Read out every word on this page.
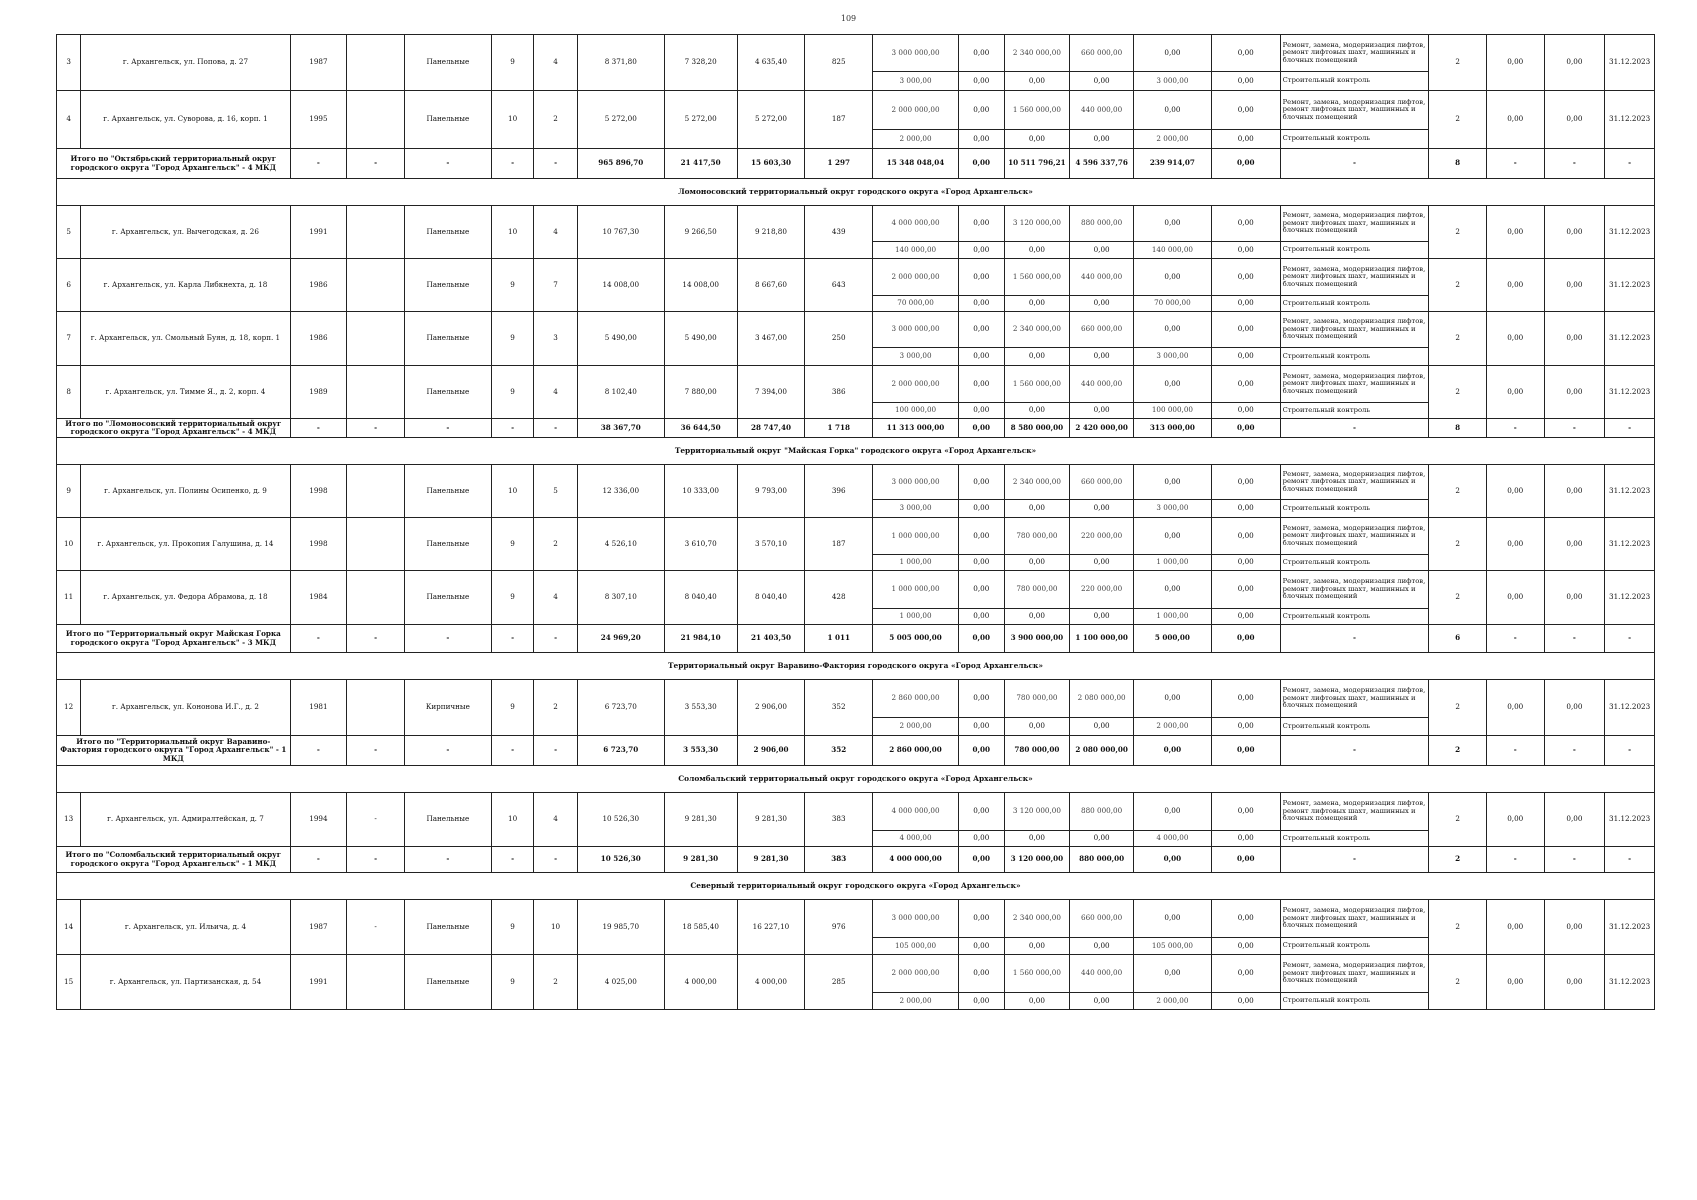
109
3	г. Архангельск, ул. Попова, д. 27	1987		Панельные	9	4	8 371,80	7 328,20	4 635,40	825	3 000 000,00	0,00	2 340 000,00	660 000,00	0,00	0,00	Ремонт, замена, модернизация лифтов, ремонт лифтовых шахт, машинных и блочных помещений	2	0,00	0,00	31.12.2023
											3 000,00	0,00	0,00	0,00	3 000,00	0,00	Строительный контроль				
4	г. Архангельск, ул. Суворова, д. 16, корп. 1	1995		Панельные	10	2	5 272,00	5 272,00	5 272,00	187	2 000 000,00	0,00	1 560 000,00	440 000,00	0,00	0,00	Ремонт, замена, модернизация лифтов, ремонт лифтовых шахт, машинных и блочных помещений	2	0,00	0,00	31.12.2023
											2 000,00	0,00	0,00	0,00	2 000,00	0,00	Строительный контроль				
Итого по "Октябрьский территориальный округ городского округа "Город Архангельск" - 4 МКД		-	-	-	-	-	965 896,70	21 417,50	15 603,30	1 297	15 348 048,04	0,00	10 511 796,21	4 596 337,76	239 914,07	0,00	-	8	-	-	-
Ломоносовский территориальный округ городского округа «Город Архангельск»																					
5	г. Архангельск, ул. Вычегодская, д. 26	1991		Панельные	10	4	10 767,30	9 266,50	9 218,80	439	4 000 000,00	0,00	3 120 000,00	880 000,00	0,00	0,00	Ремонт, замена, модернизация лифтов, ремонт лифтовых шахт, машинных и блочных помещений	2	0,00	0,00	31.12.2023
											140 000,00	0,00	0,00	0,00	140 000,00	0,00	Строительный контроль				
6	г. Архангельск, ул. Карла Либкнехта, д. 18	1986		Панельные	9	7	14 008,00	14 008,00	8 667,60	643	2 000 000,00	0,00	1 560 000,00	440 000,00	0,00	0,00	Ремонт, замена, модернизация лифтов, ремонт лифтовых шахт, машинных и блочных помещений	2	0,00	0,00	31.12.2023
											70 000,00	0,00	0,00	0,00	70 000,00	0,00	Строительный контроль				
7	г. Архангельск, ул. Смольный Буян, д. 18, корп. 1	1986		Панельные	9	3	5 490,00	5 490,00	3 467,00	250	3 000 000,00	0,00	2 340 000,00	660 000,00	0,00	0,00	Ремонт, замена, модернизация лифтов, ремонт лифтовых шахт, машинных и блочных помещений	2	0,00	0,00	31.12.2023
											3 000,00	0,00	0,00	0,00	3 000,00	0,00	Строительный контроль				
8	г. Архангельск, ул. Тимме Я., д. 2, корп. 4	1989		Панельные	9	4	8 102,40	7 880,00	7 394,00	386	2 000 000,00	0,00	1 560 000,00	440 000,00	0,00	0,00	Ремонт, замена, модернизация лифтов, ремонт лифтовых шахт, машинных и блочных помещений	2	0,00	0,00	31.12.2023
											100 000,00	0,00	0,00	0,00	100 000,00	0,00	Строительный контроль				
Итого по "Ломоносовский территориальный округ городского округа "Город Архангельск" - 4 МКД		-	-	-	-	-	38 367,70	36 644,50	28 747,40	1 718	11 313 000,00	0,00	8 580 000,00	2 420 000,00	313 000,00	0,00	-	8	-	-	-
Территориальный округ "Майская Горка" городского округа «Город Архангельск»																					
9	г. Архангельск, ул. Полины Осипенко, д. 9	1998		Панельные	10	5	12 336,00	10 333,00	9 793,00	396	3 000 000,00	0,00	2 340 000,00	660 000,00	0,00	0,00	Ремонт, замена, модернизация лифтов, ремонт лифтовых шахт, машинных и блочных помещений	2	0,00	0,00	31.12.2023
											3 000,00	0,00	0,00	0,00	3 000,00	0,00	Строительный контроль				
10	г. Архангельск, ул. Прокопия Галушина, д. 14	1998		Панельные	9	2	4 526,10	3 610,70	3 570,10	187	1 000 000,00	0,00	780 000,00	220 000,00	0,00	0,00	Ремонт, замена, модернизация лифтов, ремонт лифтовых шахт, машинных и блочных помещений	2	0,00	0,00	31.12.2023
											1 000,00	0,00	0,00	0,00	1 000,00	0,00	Строительный контроль				
11	г. Архангельск, ул. Федора Абрамова, д. 18	1984		Панельные	9	4	8 307,10	8 040,40	8 040,40	428	1 000 000,00	0,00	780 000,00	220 000,00	0,00	0,00	Ремонт, замена, модернизация лифтов, ремонт лифтовых шахт, машинных и блочных помещений	2	0,00	0,00	31.12.2023
											1 000,00	0,00	0,00	0,00	1 000,00	0,00	Строительный контроль				
Итого по "Территориальный округ Майская Горка городского округа "Город Архангельск" - 3 МКД		-	-	-	-	-	24 969,20	21 984,10	21 403,50	1 011	5 005 000,00	0,00	3 900 000,00	1 100 000,00	5 000,00	0,00	-	6	-	-	-
Территориальный округ Варавино-Фактория городского округа «Город Архангельск»																					
12	г. Архангельск, ул. Кононова И.Г., д. 2	1981		Кирпичные	9	2	6 723,70	3 553,30	2 906,00	352	2 860 000,00	0,00	780 000,00	2 080 000,00	0,00	0,00	Ремонт, замена, модернизация лифтов, ремонт лифтовых шахт, машинных и блочных помещений	2	0,00	0,00	31.12.2023
											2 000,00	0,00	0,00	0,00	2 000,00	0,00	Строительный контроль				
Итого по "Территориальный округ Варавино-Фактория городского округа "Город Архангельск" - 1 МКД		-	-	-	-	-	6 723,70	3 553,30	2 906,00	352	2 860 000,00	0,00	780 000,00	2 080 000,00	0,00	0,00	-	2	-	-	-
Соломбальский территориальный округ городского округа «Город Архангельск»																					
13	г. Архангельск, ул. Адмиралтейская, д. 7	1994	-	Панельные	10	4	10 526,30	9 281,30	9 281,30	383	4 000 000,00	0,00	3 120 000,00	880 000,00	0,00	0,00	Ремонт, замена, модернизация лифтов, ремонт лифтовых шахт, машинных и блочных помещений	2	0,00	0,00	31.12.2023
											4 000,00	0,00	0,00	0,00	4 000,00	0,00	Строительный контроль				
Итого по "Соломбальский территориальный округ городского округа "Город Архангельск" - 1 МКД		-	-	-	-	-	10 526,30	9 281,30	9 281,30	383	4 000 000,00	0,00	3 120 000,00	880 000,00	0,00	0,00	-	2	-	-	-
Северный территориальный округ городского округа «Город Архангельск»																					
14	г. Архангельск, ул. Ильича, д. 4	1987	-	Панельные	9	10	19 985,70	18 585,40	16 227,10	976	3 000 000,00	0,00	2 340 000,00	660 000,00	0,00	0,00	Ремонт, замена, модернизация лифтов, ремонт лифтовых шахт, машинных и блочных помещений	2	0,00	0,00	31.12.2023
											105 000,00	0,00	0,00	0,00	105 000,00	0,00	Строительный контроль				
15	г. Архангельск, ул. Партизанская, д. 54	1991		Панельные	9	2	4 025,00	4 000,00	4 000,00	285	2 000 000,00	0,00	1 560 000,00	440 000,00	0,00	0,00	Ремонт, замена, модернизация лифтов, ремонт лифтовых шахт, машинных и блочных помещений	2	0,00	0,00	31.12.2023
											2 000,00	0,00	0,00	0,00	2 000,00	0,00	Строительный контроль				
